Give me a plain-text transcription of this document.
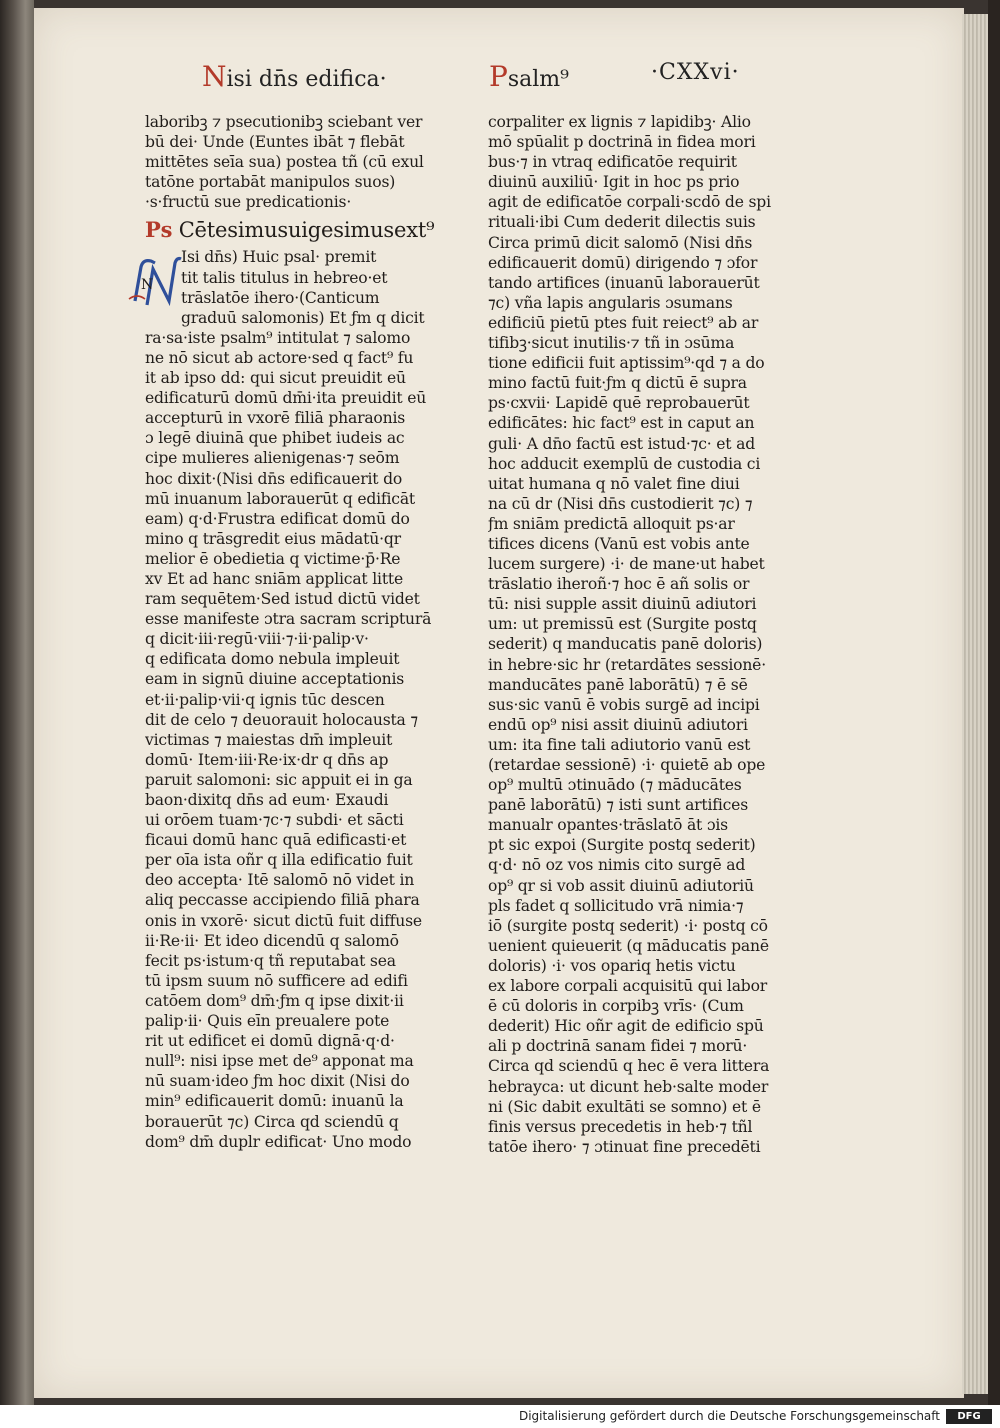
Nisi dn̄s edifica·	Psalm⁹	·CXXvi·
laboribꝫ ⁊ psecutionibꝫ sciebant ver
bū dei· Unde (Euntes ibāt ⁊ flebāt
mittētes seīa sua) postea tñ (cū exul
tatōne portabāt manipulos suos)
·s·fructū sue predicationis·
Ps Cētesimusuigesimusext⁹
N
Isi dn̄s) Huic psal· premit
tit talis titulus in hebreo·et
trāslatōe ihero·(Canticum
graduū salomonis) Et ƒm q dicit
ra·sa·iste psalm⁹ intitulat ⁊ salomo
ne nō sicut ab actore·sed q fact⁹ fu
it ab ipso dd: qui sicut preuidit eū
edificaturū domū dm̄i·ita preuidit eū
accepturū in vxorē filiā pharaonis
ɔ legē diuinā que phibet iudeis ac
cipe mulieres alienigenas·⁊ seōm
hoc dixit·(Nisi dn̄s edificauerit do
mū inuanum laborauerūt q edificāt
eam) q·d·Frustra edificat domū do
mino q trāsgredit eius mādatū·qr
melior ē obedietia q victime·p̄·Re
xv Et ad hanc sniām applicat litte
ram sequētem·Sed istud dictū videt
esse manifeste ɔtra sacram scripturā
q dicit·iii·regū·viii·⁊·ii·palip·v·
q edificata domo nebula impleuit
eam in signū diuine acceptationis
et·ii·palip·vii·q ignis tūc descen
dit de celo ⁊ deuorauit holocausta ⁊
victimas ⁊ maiestas dm̄ impleuit
domū· Item·iii·Re·ix·dr q dn̄s ap
paruit salomoni: sic appuit ei in ga
baon·dixitq dn̄s ad eum· Exaudi
ui orōem tuam·⁊c·⁊ subdi· et sācti
ficaui domū hanc quā edificasti·et
per oīa ista oñr q illa edificatio fuit
deo accepta· Itē salomō nō videt in
aliq peccasse accipiendo filiā phara
onis in vxorē· sicut dictū fuit diffuse
ii·Re·ii· Et ideo dicendū q salomō
fecit ps·istum·q tñ reputabat sea
tū ipsm suum nō sufficere ad edifi
catōem dom⁹ dm̄·ƒm q ipse dixit·ii
palip·ii· Quis eīn preualere pote
rit ut edificet ei domū dignā·q·d·
null⁹: nisi ipse met de⁹ apponat ma
nū suam·ideo ƒm hoc dixit (Nisi do
min⁹ edificauerit domū: inuanū la
borauerūt ⁊c) Circa qd sciendū q
dom⁹ dm̄ duplr edificat· Uno modo
corpaliter ex lignis ⁊ lapidibꝫ· Alio
mō spūalit p doctrinā in fidea mori
bus·⁊ in vtraq edificatōe requirit
diuinū auxiliū· Igit in hoc ps prio
agit de edificatōe corpali·scdō de spi
rituali·ibi Cum dederit dilectis suis
Circa primū dicit salomō (Nisi dn̄s
edificauerit domū) dirigendo ⁊ ɔfor
tando artifices (inuanū laborauerūt
⁊c) vña lapis angularis ɔsumans
edificiū pietū ptes fuit reiect⁹ ab ar
tifibꝫ·sicut inutilis·⁊ tñ in ɔsūma
tione edificii fuit aptissim⁹·qd ⁊ a do
mino factū fuit·ƒm q dictū ē supra
ps·cxvii· Lapidē quē reprobauerūt
edificātes: hic fact⁹ est in caput an
guli· A dn̄o factū est istud·⁊c· et ad
hoc adducit exemplū de custodia ci
uitat humana q nō valet fine diui
na cū dr (Nisi dn̄s custodierit ⁊c) ⁊
ƒm sniām predictā alloquit ps·ar
tifices dicens (Vanū est vobis ante
lucem surgere) ·i· de mane·ut habet
trāslatio iheroñ·⁊ hoc ē añ solis or
tū: nisi supple assit diuinū adiutori
um: ut premissū est (Surgite postq
sederit) q manducatis panē doloris)
in hebre·sic hr (retardātes sessionē·
manducātes panē laborātū) ⁊ ē sē
sus·sic vanū ē vobis surgē ad incipi
endū op⁹ nisi assit diuinū adiutori
um: ita fine tali adiutorio vanū est
(retardae sessionē) ·i· quietē ab ope
op⁹ multū ɔtinuādo (⁊ māducātes
panē laborātū) ⁊ isti sunt artifices
manualr opantes·trāslatō āt ɔis
pt sic expoi (Surgite postq sederit)
q·d· nō oz vos nimis cito surgē ad
op⁹ qr si vob assit diuinū adiutoriū
pls fadet q sollicitudo vrā nimia·⁊
iō (surgite postq sederit) ·i· postq cō
uenient quieuerit (q māducatis panē
doloris) ·i· vos opariq hetis victu
ex labore corpali acquisitū qui labor
ē cū doloris in corpibꝫ vrīs· (Cum
dederit) Hic oñr agit de edificio spū
ali p doctrinā sanam fidei ⁊ morū·
Circa qd sciendū q hec ē vera littera
hebrayca: ut dicunt heb·salte moder
ni (Sic dabit exultāti se somno) et ē
finis versus precedetis in heb·⁊ tñl
tatōe ihero· ⁊ ɔtinuat fine precedēti
Digitalisierung gefördert durch die Deutsche Forschungsgemeinschaft	DFG
